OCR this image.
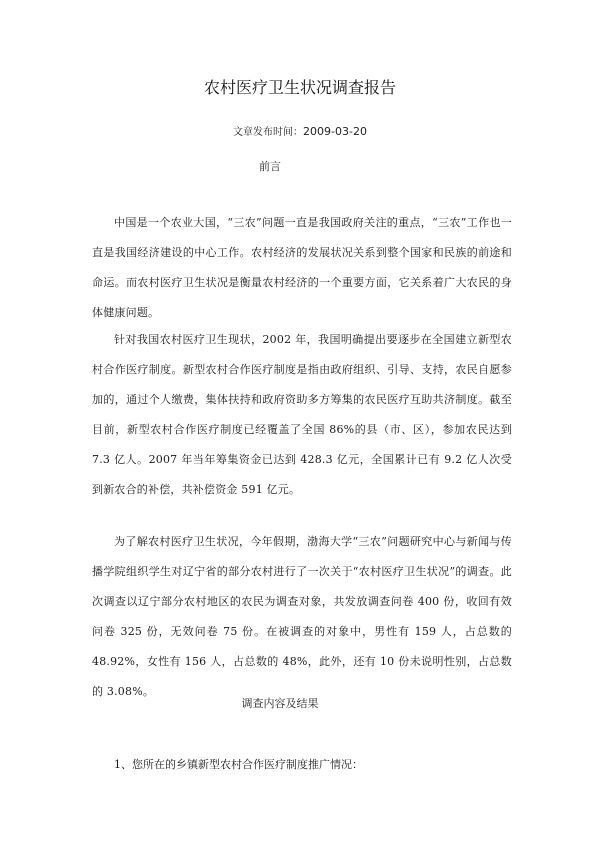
农村医疗卫生状况调查报告
文章发布时间：2009-03-20
前言
中国是一个农业大国，“三农”问题一直是我国政府关注的重点，“三农”工作也一直是我国经济建设的中心工作。农村经济的发展状况关系到整个国家和民族的前途和命运。而农村医疗卫生状况是衡量农村经济的一个重要方面，它关系着广大农民的身体健康问题。
针对我国农村医疗卫生现状，2002 年，我国明确提出要逐步在全国建立新型农村合作医疗制度。新型农村合作医疗制度是指由政府组织、引导、支持，农民自愿参加的，通过个人缴费，集体扶持和政府资助多方筹集的农民医疗互助共济制度。截至目前，新型农村合作医疗制度已经覆盖了全国 86%的县（市、区），参加农民达到 7.3 亿人。2007 年当年筹集资金已达到 428.3 亿元，全国累计已有 9.2 亿人次受到新农合的补偿，共补偿资金 591 亿元。
为了解农村医疗卫生状况，今年假期，渤海大学“三农”问题研究中心与新闻与传播学院组织学生对辽宁省的部分农村进行了一次关于“农村医疗卫生状况”的调查。此次调查以辽宁部分农村地区的农民为调查对象，共发放调查问卷 400 份，收回有效问卷 325 份，无效问卷 75 份。在被调查的对象中，男性有 159 人，占总数的 48.92%，女性有 156 人，占总数的 48%，此外，还有 10 份未说明性别，占总数的 3.08%。
调查内容及结果
1、您所在的乡镇新型农村合作医疗制度推广情况：
